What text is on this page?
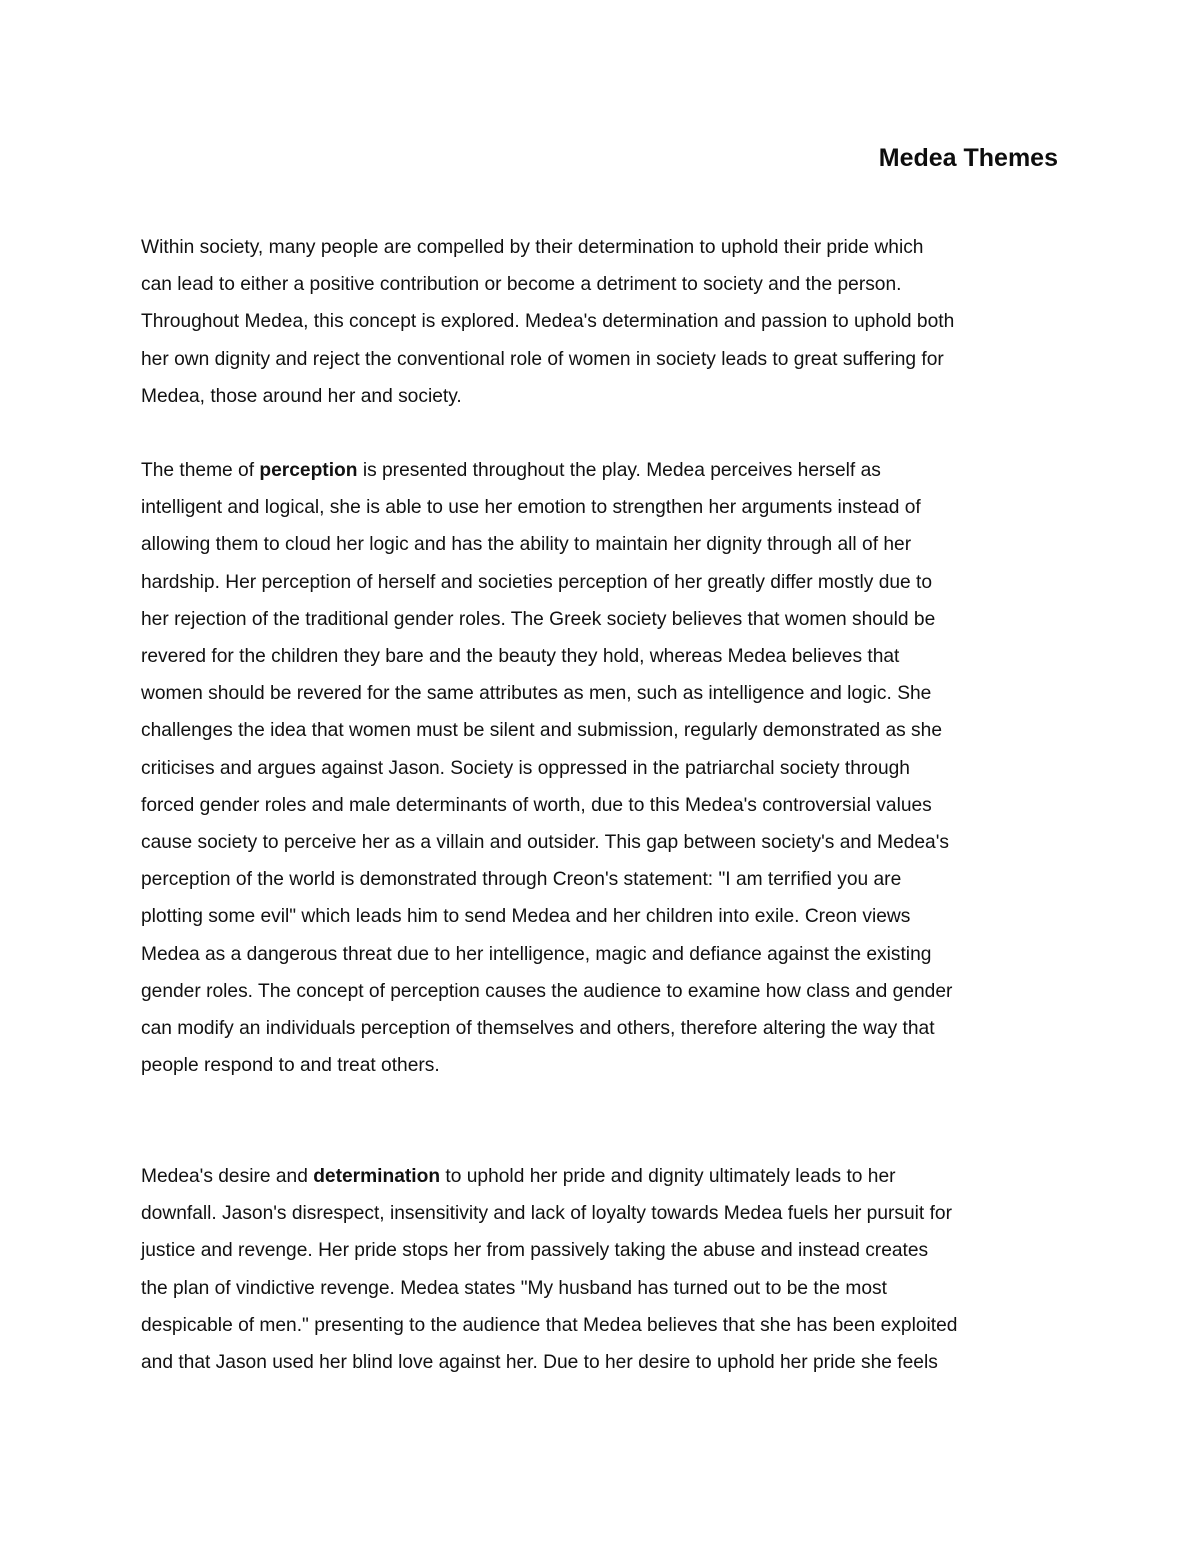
Medea Themes

Within society, many people are compelled by their determination to uphold their pride which
can lead to either a positive contribution or become a detriment to society and the person.
Throughout Medea, this concept is explored. Medea's determination and passion to uphold both
her own dignity and reject the conventional role of women in society leads to great suffering for
Medea, those around her and society.

The theme of perception is presented throughout the play. Medea perceives herself as
intelligent and logical, she is able to use her emotion to strengthen her arguments instead of
allowing them to cloud her logic and has the ability to maintain her dignity through all of her
hardship. Her perception of herself and societies perception of her greatly differ mostly due to
her rejection of the traditional gender roles. The Greek society believes that women should be
revered for the children they bare and the beauty they hold, whereas Medea believes that
women should be revered for the same attributes as men, such as intelligence and logic. She
challenges the idea that women must be silent and submission, regularly demonstrated as she
criticises and argues against Jason. Society is oppressed in the patriarchal society through
forced gender roles and male determinants of worth, due to this Medea's controversial values
cause society to perceive her as a villain and outsider. This gap between society's and Medea's
perception of the world is demonstrated through Creon's statement: "I am terrified you are
plotting some evil" which leads him to send Medea and her children into exile. Creon views
Medea as a dangerous threat due to her intelligence, magic and defiance against the existing
gender roles. The concept of perception causes the audience to examine how class and gender
can modify an individuals perception of themselves and others, therefore altering the way that
people respond to and treat others.

Medea's desire and determination to uphold her pride and dignity ultimately leads to her
downfall. Jason's disrespect, insensitivity and lack of loyalty towards Medea fuels her pursuit for
justice and revenge. Her pride stops her from passively taking the abuse and instead creates
the plan of vindictive revenge. Medea states "My husband has turned out to be the most
despicable of men." presenting to the audience that Medea believes that she has been exploited
and that Jason used her blind love against her. Due to her desire to uphold her pride she feels
